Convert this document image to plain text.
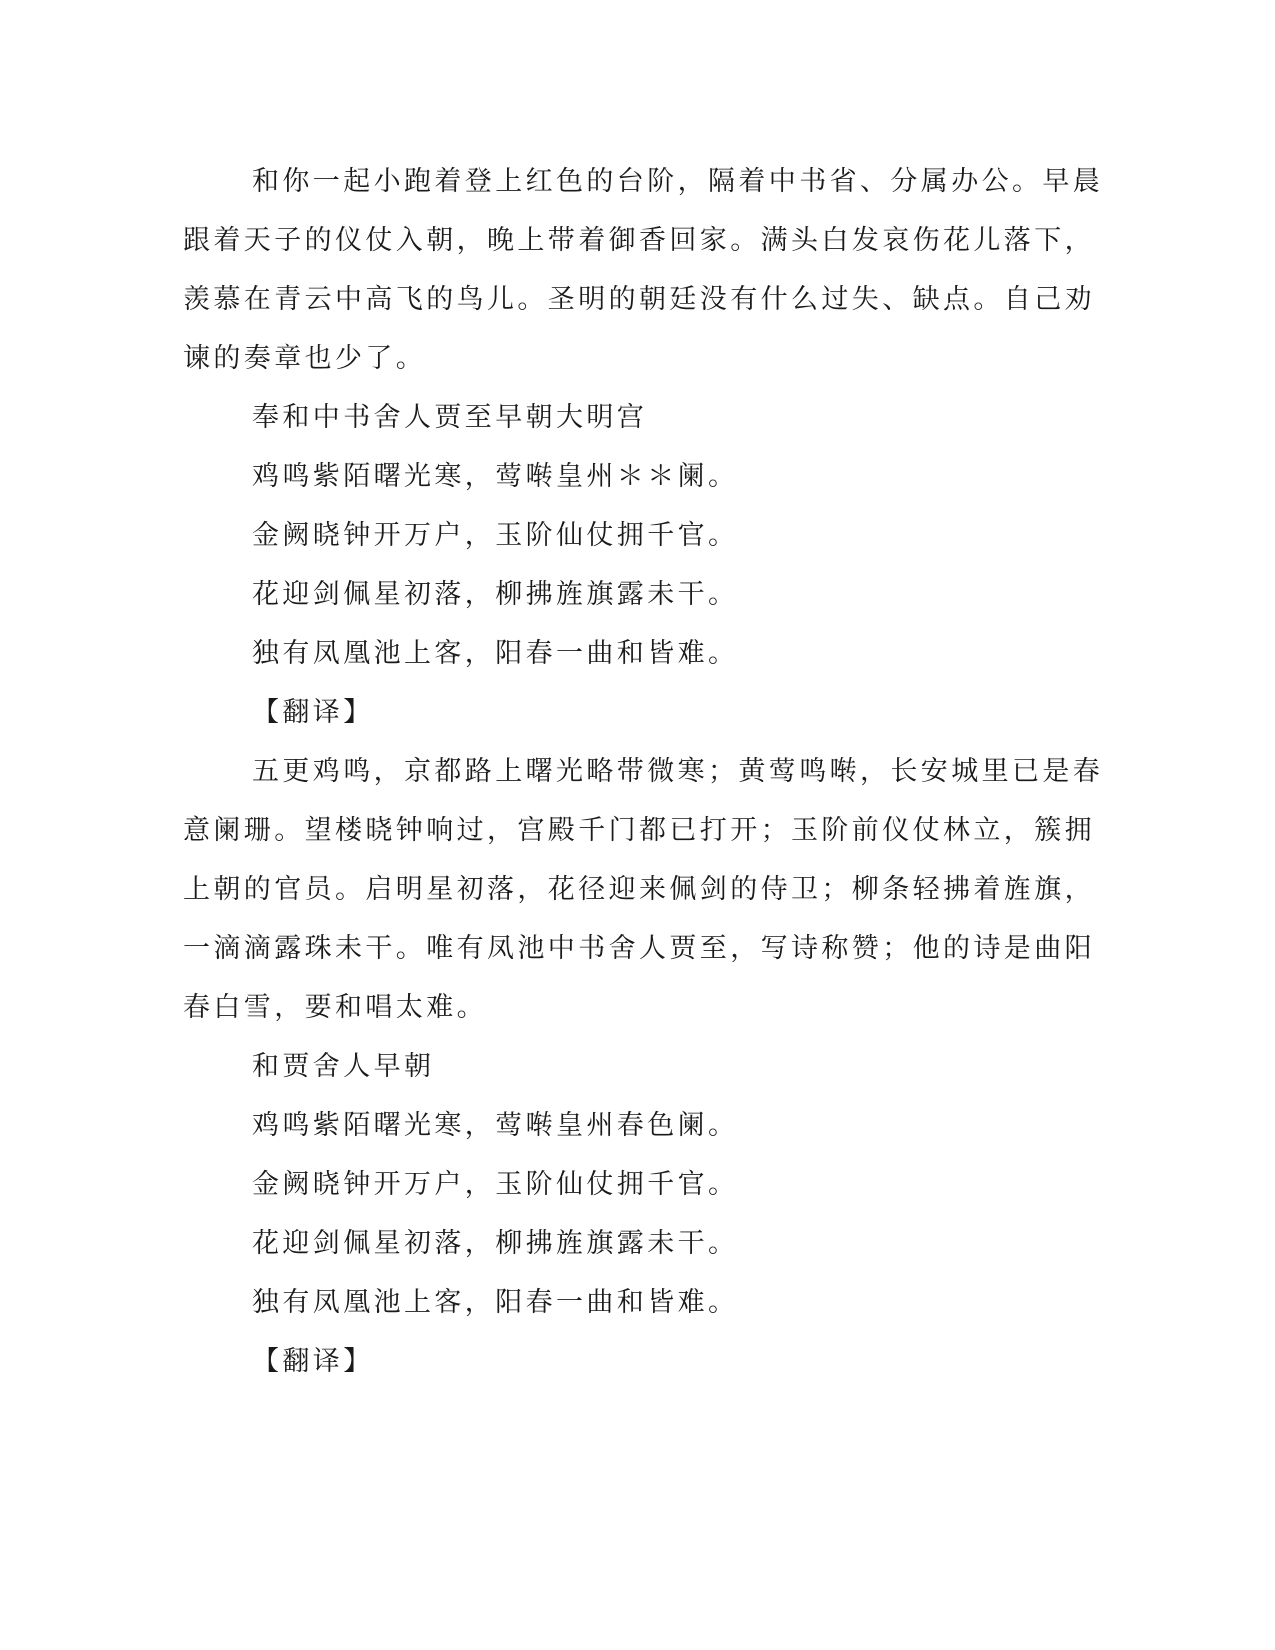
和你一起小跑着登上红色的台阶，隔着中书省、分属办公。早晨
跟着天子的仪仗入朝，晚上带着御香回家。满头白发哀伤花儿落下，
羡慕在青云中高飞的鸟儿。圣明的朝廷没有什么过失、缺点。自己劝
谏的奏章也少了。
奉和中书舍人贾至早朝大明宫
鸡鸣紫陌曙光寒，莺啭皇州＊＊阑。
金阙晓钟开万户，玉阶仙仗拥千官。
花迎剑佩星初落，柳拂旌旗露未干。
独有凤凰池上客，阳春一曲和皆难。
【翻译】
五更鸡鸣，京都路上曙光略带微寒；黄莺鸣啭，长安城里已是春
意阑珊。望楼晓钟响过，宫殿千门都已打开；玉阶前仪仗林立，簇拥
上朝的官员。启明星初落，花径迎来佩剑的侍卫；柳条轻拂着旌旗，
一滴滴露珠未干。唯有凤池中书舍人贾至，写诗称赞；他的诗是曲阳
春白雪，要和唱太难。
和贾舍人早朝
鸡鸣紫陌曙光寒，莺啭皇州春色阑。
金阙晓钟开万户，玉阶仙仗拥千官。
花迎剑佩星初落，柳拂旌旗露未干。
独有凤凰池上客，阳春一曲和皆难。
【翻译】
